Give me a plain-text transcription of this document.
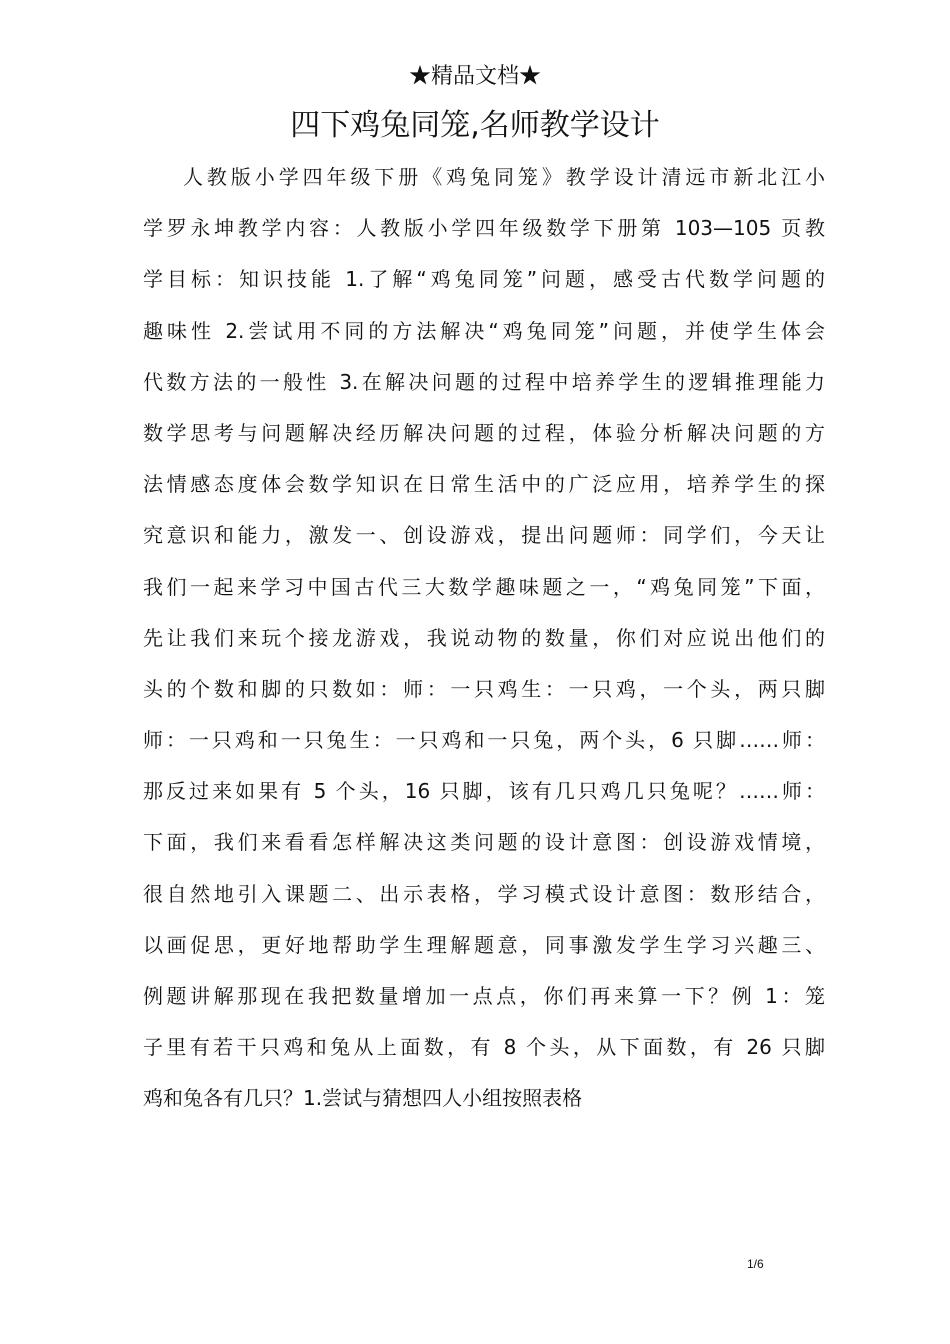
★精品文档★
四下鸡兔同笼,名师教学设计
人教版小学四年级下册《鸡兔同笼》教学设计清远市新北江小
学罗永坤教学内容：人教版小学四年级数学下册第 103—105 页教
学目标：知识技能 1.了解“鸡兔同笼”问题，感受古代数学问题的
趣味性 2.尝试用不同的方法解决“鸡兔同笼”问题，并使学生体会
代数方法的一般性 3.在解决问题的过程中培养学生的逻辑推理能力
数学思考与问题解决经历解决问题的过程，体验分析解决问题的方
法情感态度体会数学知识在日常生活中的广泛应用，培养学生的探
究意识和能力，激发一、创设游戏，提出问题师：同学们，今天让
我们一起来学习中国古代三大数学趣味题之一，“鸡兔同笼”下面，
先让我们来玩个接龙游戏，我说动物的数量，你们对应说出他们的
头的个数和脚的只数如：师：一只鸡生：一只鸡，一个头，两只脚
师：一只鸡和一只兔生：一只鸡和一只兔，两个头，6 只脚……师：
那反过来如果有 5 个头，16 只脚，该有几只鸡几只兔呢？……师：
下面，我们来看看怎样解决这类问题的设计意图：创设游戏情境，
很自然地引入课题二、出示表格，学习模式设计意图：数形结合，
以画促思，更好地帮助学生理解题意，同事激发学生学习兴趣三、
例题讲解那现在我把数量增加一点点，你们再来算一下？例 1：笼
子里有若干只鸡和兔从上面数，有 8 个头，从下面数，有 26 只脚
鸡和兔各有几只？1.尝试与猜想四人小组按照表格
1/6
